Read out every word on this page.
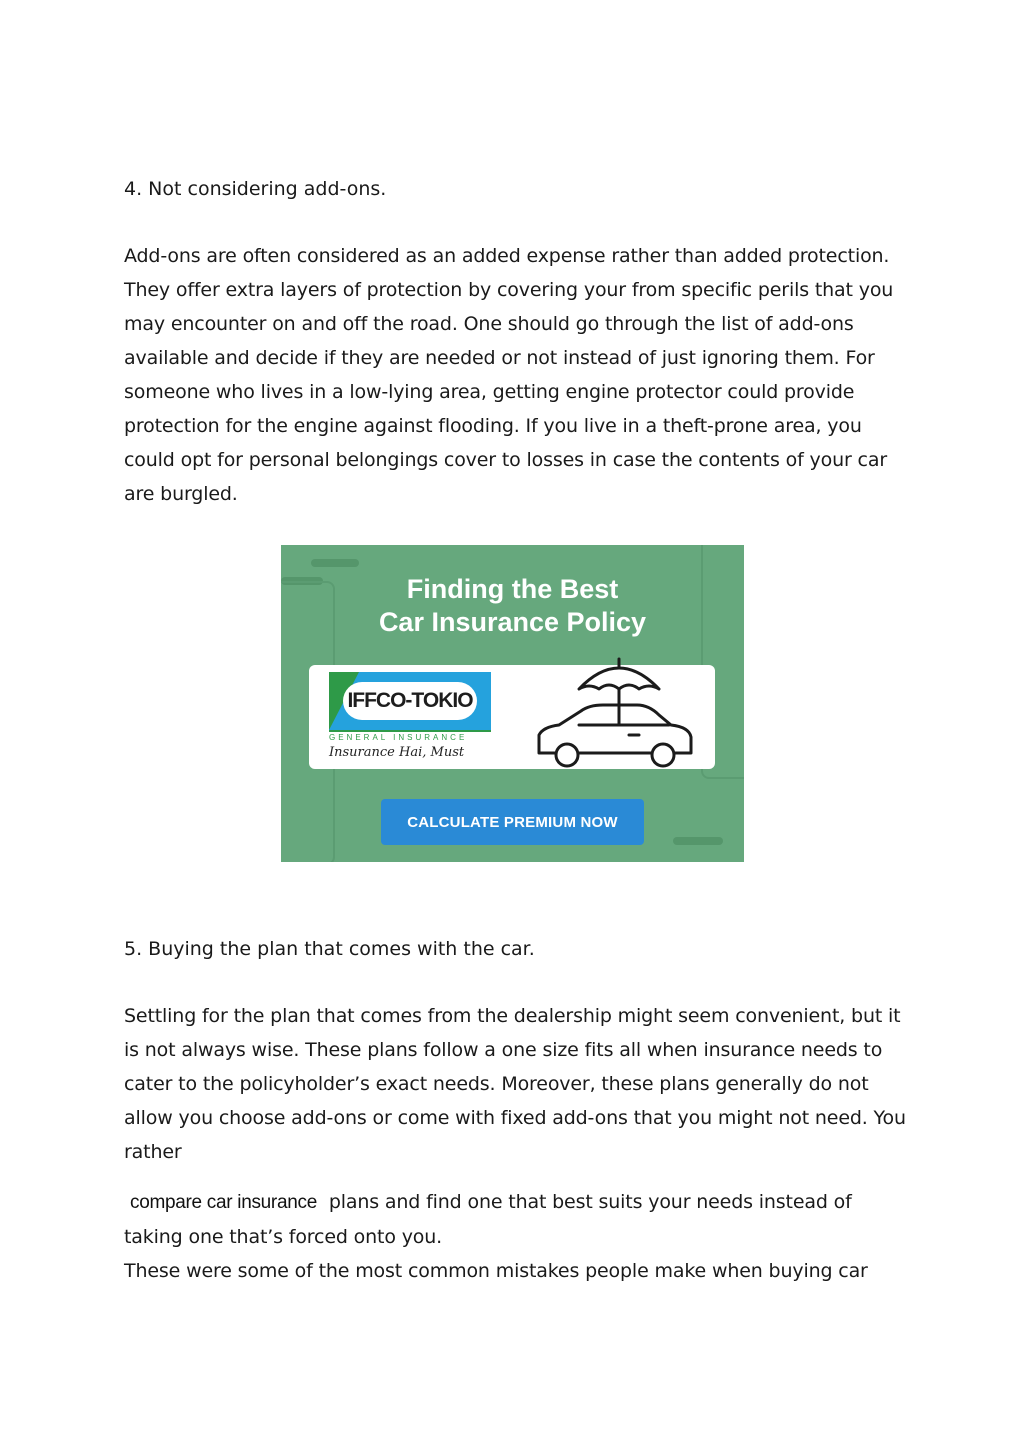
4. Not considering add-ons.

Add-ons are often considered as an added expense rather than added protection. They offer extra layers of protection by covering your from specific perils that you may encounter on and off the road. One should go through the list of add-ons available and decide if they are needed or not instead of just ignoring them. For someone who lives in a low-lying area, getting engine protector could provide protection for the engine against flooding. If you live in a theft-prone area, you could opt for personal belongings cover to losses in case the contents of your car are burgled.

Finding the Best
Car Insurance Policy
IFFCO-TOKIO
GENERAL INSURANCE
Insurance Hai, Must
CALCULATE PREMIUM NOW

5. Buying the plan that comes with the car.

Settling for the plan that comes from the dealership might seem convenient, but it is not always wise. These plans follow a one size fits all when insurance needs to cater to the policyholder’s exact needs. Moreover, these plans generally do not allow you choose add-ons or come with fixed add-ons that you might not need. You rather

compare car insurance plans and find one that best suits your needs instead of taking one that’s forced onto you.
These were some of the most common mistakes people make when buying car
